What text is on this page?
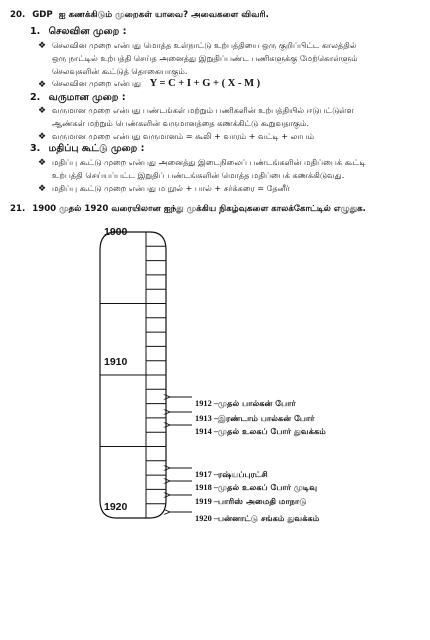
20. GDP ஐ கணக்கிடும் முறைகள் யாவை? அவைகளை விவரி.
1. செலவின முறை :
❖ செலவின முறை என்பது மொத்த உள்நாட்டு உற்பத்தியை ஒரு குறிப்பிட்ட காலத்தில்
ஒரு நாட்டில் உற்பத்தி செய்த அனைத்து இறுதிப்பண்ட பணிகளுக்கு மேற்கொள்ளும்
செலவுகளின் கூட்டுத் தொகையாகும்.
❖ செலவின முறை என்பது Y = C + I + G + ( X - M )
2. வருமான முறை :
❖ வருமான முறை என்பது பண்டங்கள் மற்றும் பணிகளின் உற்பத்தியில் ஈடுபட்டுள்ள
ஆண்கள் மற்றும் பெண்களின் வருமானத்தை கணக்கிட்டு கூறுவதாகும்.
❖ வருமான முறை என்பது வருமானம் = கூலி + வாரம் + வட்டி + லாபம்
3. மதிப்பு கூட்டு முறை :
❖ மதிப்பு கூட்டு முறை என்பது அனைத்து இடைநிலைப் பண்டங்களின் மதிப்பைக் கூட்டி
உற்பத்தி செய்யப்பட்ட இறுதிப் பண்டங்களின் மொத்த மதிப்பைக் கணக்கிடுவது.
❖ மதிப்பு கூட்டு முறை என்பது ம நூல் + பால் + சர்க்கரை = தேனீர்
21. 1900 முதல் 1920 வரையிலான ஐந்து முக்கிய நிகழ்வுகளை காலக்கோட்டில் எழுதுக.
1900
1910
1920
1912 –முதல் பால்கன் போர்
1913 –இரண்டாம் பால்கன் போர்
1914 –முதல் உலகப் போர் துவக்கம்
1917 –ரஷ்யப்புரட்சி
1918 –முதல் உலகப் போர் முடிவு
1919 –பாரிஸ் அமைதி மாநாடு
1920 –பன்னாட்டு சங்கம் துவக்கம்
